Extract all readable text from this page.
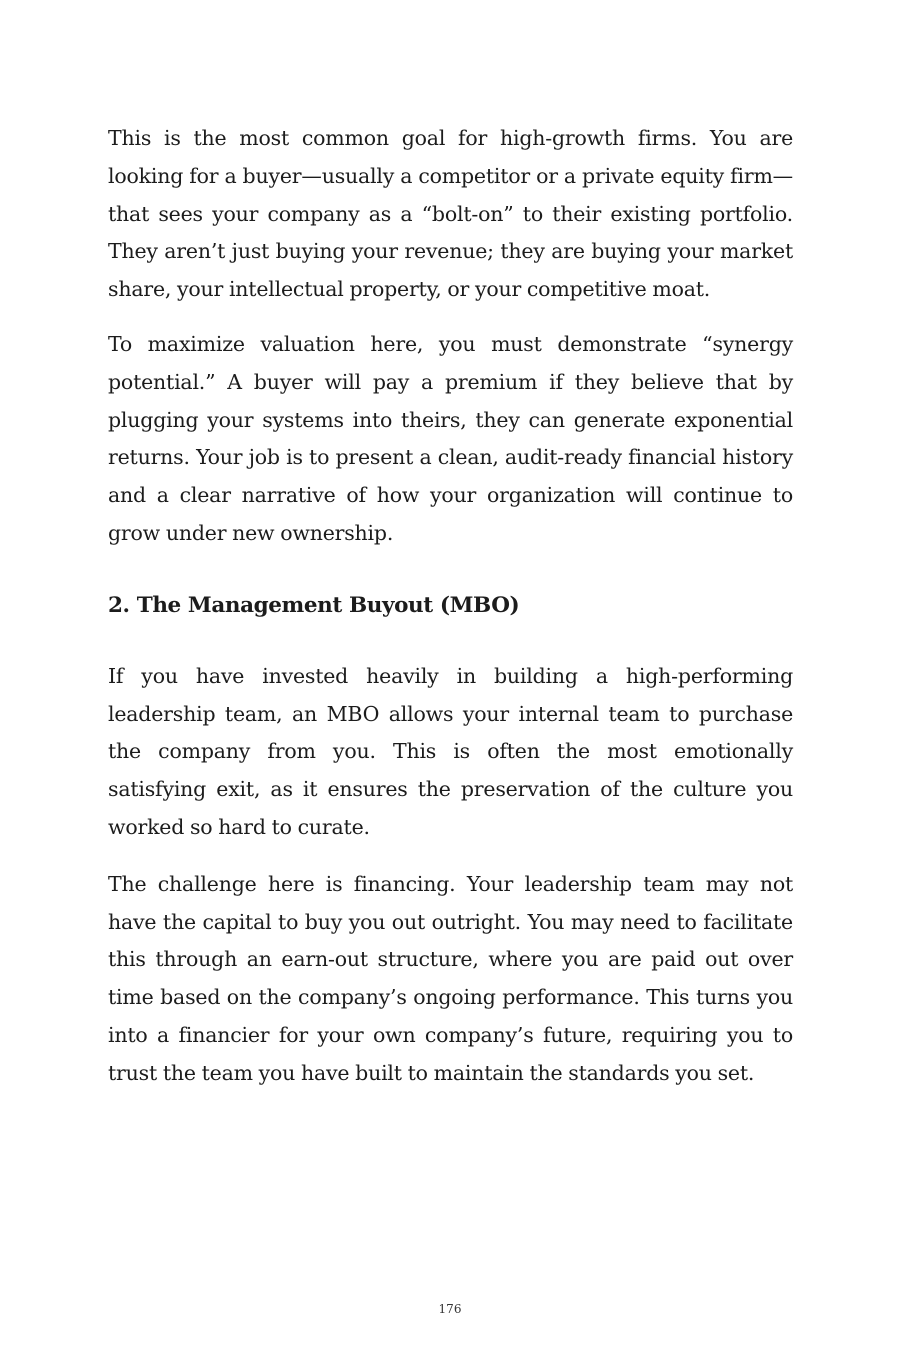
This is the most common goal for high-growth firms. You are looking for a buyer—usually a competitor or a private equity firm—that sees your company as a “bolt-on” to their existing portfolio. They aren’t just buying your revenue; they are buying your market share, your intellectual property, or your competitive moat.

To maximize valuation here, you must demonstrate “synergy potential.” A buyer will pay a premium if they believe that by plugging your systems into theirs, they can generate exponential returns. Your job is to present a clean, audit-ready financial history and a clear narrative of how your organization will continue to grow under new ownership.

2. The Management Buyout (MBO)

If you have invested heavily in building a high-performing leadership team, an MBO allows your internal team to purchase the company from you. This is often the most emotionally satisfying exit, as it ensures the preservation of the culture you worked so hard to curate.

The challenge here is financing. Your leadership team may not have the capital to buy you out outright. You may need to facilitate this through an earn-out structure, where you are paid out over time based on the company’s ongoing performance. This turns you into a financier for your own company’s future, requiring you to trust the team you have built to maintain the standards you set.

176
